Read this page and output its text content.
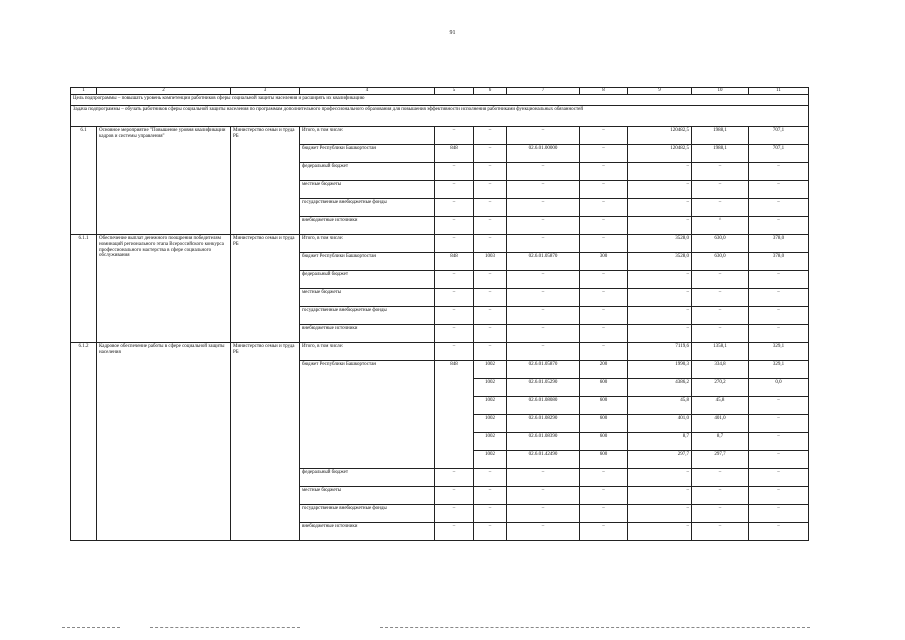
91
1	2	3	4	5	6	7	8	9	10	11
Цель подпрограммы – повышать уровень компетенции работников сферы социальной защиты населения и расширять их квалификацию										
Задача подпрограммы – обучать работников сферы социальной защиты населения по программам дополнительного профессионального образования для повышения эффективности исполнения работниками функциональных обязанностей										
6.1	Основное мероприятие "Повышение уровня квалификации кадров и системы управления"	Министерство семьи и труда РБ	Итого, в том числе:	–	–	–	–	120482,5	1988,1	707,1
			бюджет Республики Башкортостан	848	–	02.6.01.00000	–	120482,5	1988,1	707,1
			федеральный бюджет	–	–	–	–	–	–	–
			местные бюджеты	–	–	–	–	–	–	–
			государственные внебюджетные фонды	–	–	–	–	–	–	–
			внебюджетные источники	–	–	–	–	–	^	–
6.1.1	Обеспечение выплат денежного поощрения победителям номинаций регионального этапа Всероссийского конкурса профессионального мастерства в сфере социального обслуживания	Министерство семьи и труда РБ	Итого, в том числе:	–	–	–	–	3528,0	630,0	378,0
			бюджет Республики Башкортостан	848	1003	02.6.01.05870	300	3528,0	630,0	378,0
			федеральный бюджет	–	–	–	–	–	–	–
			местные бюджеты	–	–	–	–	–	–	–
			государственные внебюджетные фонды	–	–	–	–	–	–	–
			внебюджетные источники	–	–	–	–	–	–	–
6.1.2	Кадровое обеспечение работы в сфере социальной защиты населения	Министерство семьи и труда РБ	Итого, в том числе:	–	–	–	–	7119,6	1358,1	329,1
			бюджет Республики Башкортостан	848	1002	02.6.01.05870	200	1990,3	334,8	329,1
					1002	02.6.01.05290	600	4386,2	270,2	0,0
					1002	02.6.01.08080	600	45,8	45,8	–
					1002	02.6.01.08290	600	401,0	401,0	–
					1002	02.6.01.08390	600	8,7	8,7	–
					1002	02.6.01.42490	600	297,7	297,7	–
			федеральный бюджет	–	–	–	–	–	–	–
			местные бюджеты	–	–	–	–	–	–	–
			государственные внебюджетные фонды	–	–	–	–	–	–	–
			внебюджетные источники	–	–	–	–	–	–	–
